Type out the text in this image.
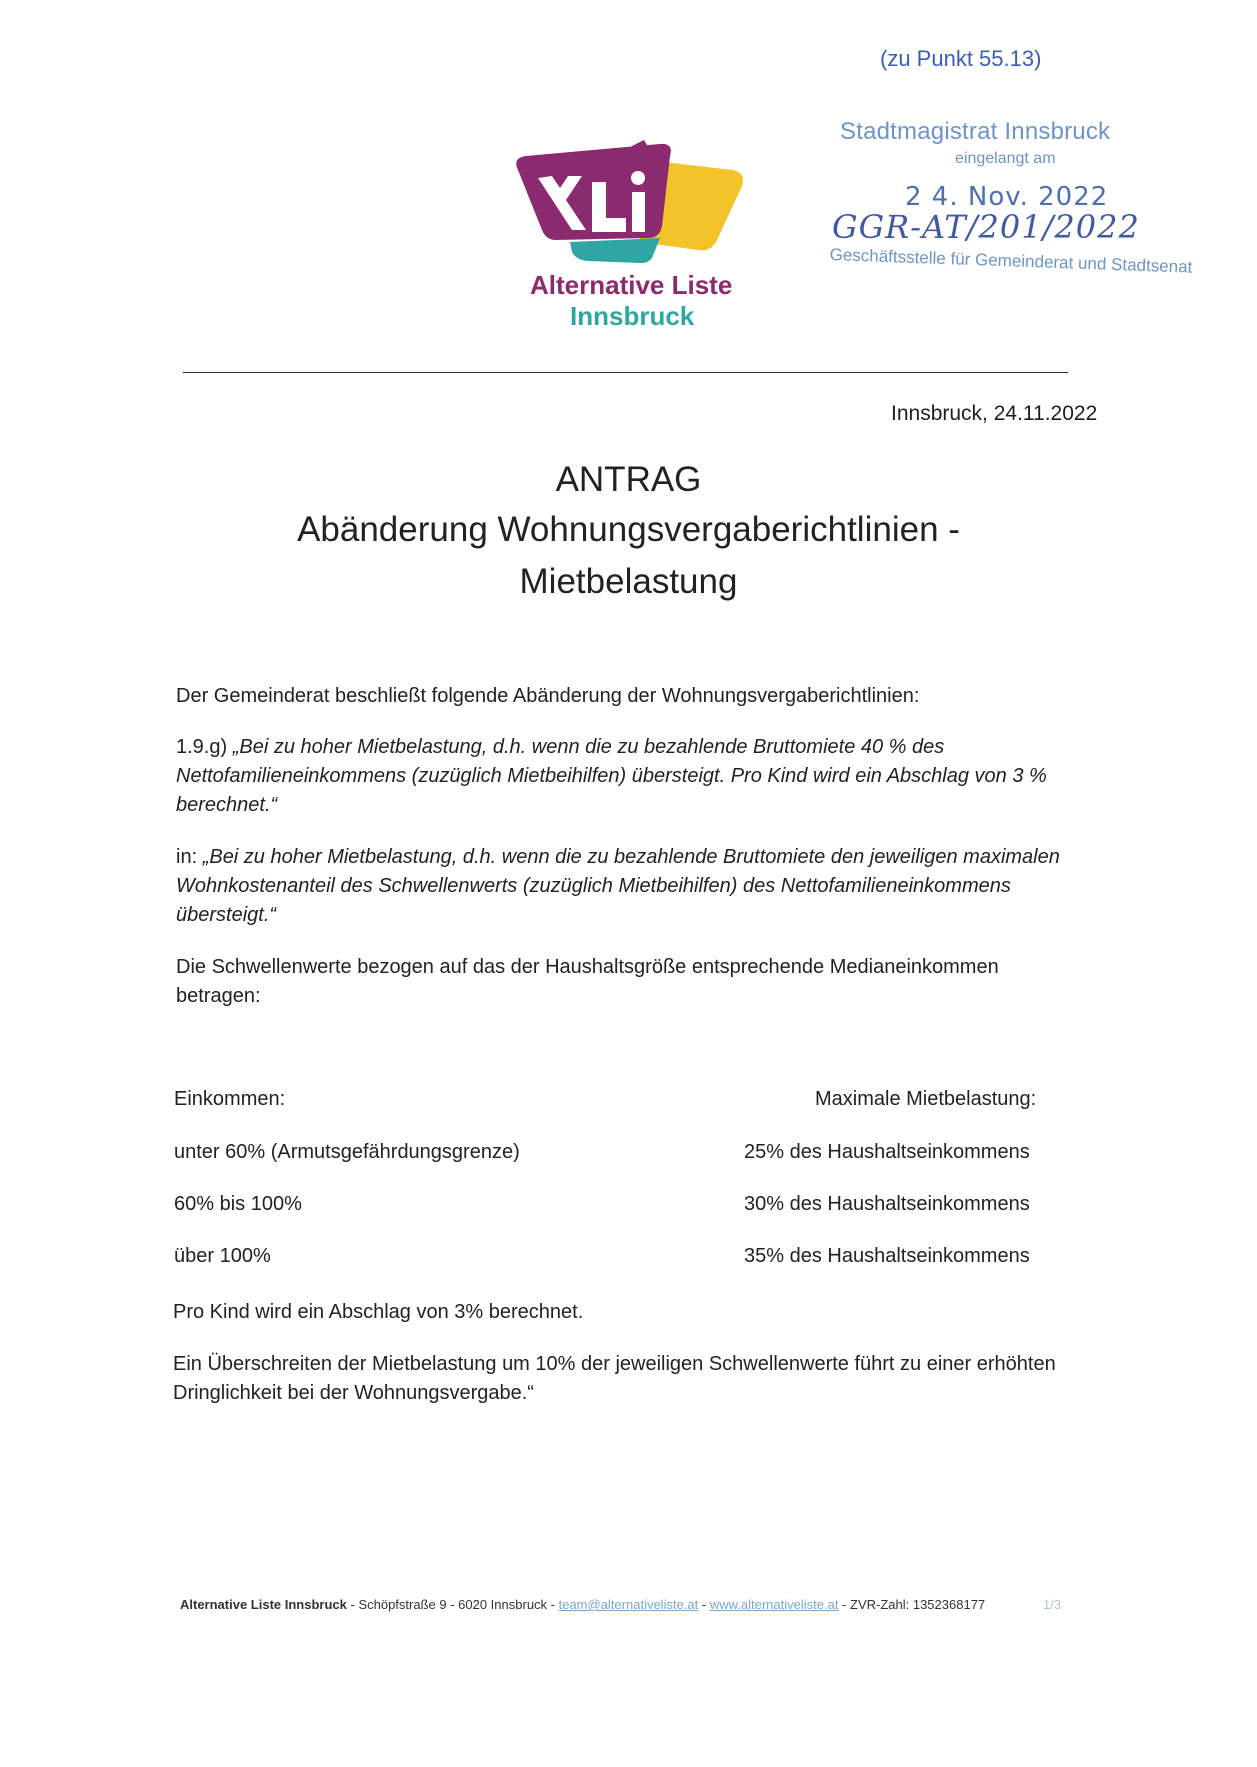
(zu Punkt 55.13)
Stadtmagistrat Innsbruck
eingelangt am
2 4. Nov. 2022
GGR-AT/201/2022
Geschäftsstelle für Gemeinderat und Stadtsenat
Alternative Liste
Innsbruck
Innsbruck, 24.11.2022
ANTRAG
Abänderung Wohnungsvergaberichtlinien -
Mietbelastung
Der Gemeinderat beschließt folgende Abänderung der Wohnungsvergaberichtlinien:
1.9.g) „Bei zu hoher Mietbelastung, d.h. wenn die zu bezahlende Bruttomiete 40 % des Nettofamilieneinkommens (zuzüglich Mietbeihilfen) übersteigt. Pro Kind wird ein Abschlag von 3 % berechnet.“
in: „Bei zu hoher Mietbelastung, d.h. wenn die zu bezahlende Bruttomiete den jeweiligen maximalen Wohnkostenanteil des Schwellenwerts (zuzüglich Mietbeihilfen) des Nettofamilieneinkommens übersteigt.“
Die Schwellenwerte bezogen auf das der Haushaltsgröße entsprechende Medianeinkommen betragen:
Einkommen:	Maximale Mietbelastung:
unter 60% (Armutsgefährdungsgrenze)	25% des Haushaltseinkommens
60% bis 100%	30% des Haushaltseinkommens
über 100%	35% des Haushaltseinkommens
Pro Kind wird ein Abschlag von 3% berechnet.
Ein Überschreiten der Mietbelastung um 10% der jeweiligen Schwellenwerte führt zu einer erhöhten Dringlichkeit bei der Wohnungsvergabe.“
Alternative Liste Innsbruck - Schöpfstraße 9 - 6020 Innsbruck - team@alternativeliste.at - www.alternativeliste.at - ZVR-Zahl: 1352368177	1/3
